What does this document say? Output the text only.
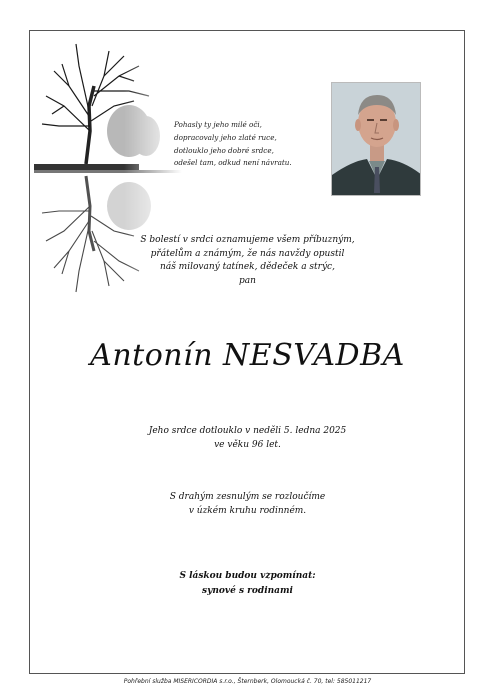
Pohasly ty jeho milé oči,
dopracovaly jeho zlaté ruce,
dotlouklo jeho dobré srdce,
odešel tam, odkud není návratu.
S bolestí v srdci oznamujeme všem příbuzným,
přátelům a známým, že nás navždy opustil
náš milovaný tatínek, dědeček a strýc,
pan
Antonín NESVADBA
Jeho srdce dotlouklo v neděli 5. ledna 2025
ve věku 96 let.
S drahým zesnulým se rozloučíme
v úzkém kruhu rodinném.
S láskou budou vzpomínat:
synové s rodinami
Pohřební služba MISERICORDIA s.r.o., Šternberk, Olomoucká č. 70, tel: 585011217
